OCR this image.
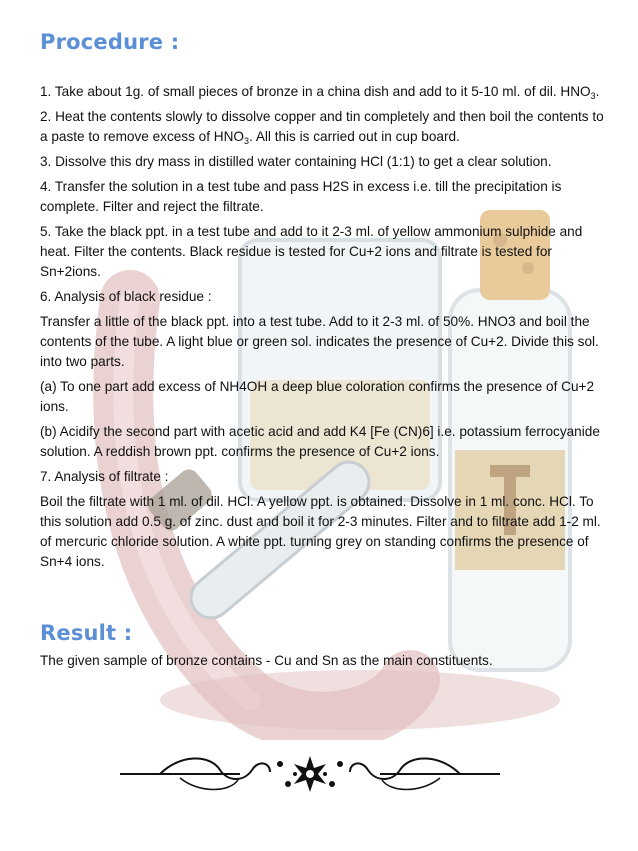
Procedure :

1. Take about 1g. of small pieces of bronze in a china dish and add to it 5-10 ml. of dil. $HNO_3$.

2. Heat the contents slowly to dissolve copper and tin completely and then boil the contents to a paste to remove excess of $HNO_3$. All this is carried out in cup board.

3. Dissolve this dry mass in distilled water containing HCl (1:1) to get a clear solution.

4. Transfer the solution in a test tube and pass H2S in excess i.e. till the precipitation is complete. Filter and reject the filtrate.

5. Take the black ppt. in a test tube and add to it 2-3 ml. of yellow ammonium sulphide and heat. Filter the contents. Black residue is tested for Cu+2 ions and filtrate is tested for Sn+2ions.

6. Analysis of black residue :

Transfer a little of the black ppt. into a test tube. Add to it 2-3 ml. of 50%. HNO3 and boil the contents of the tube. A light blue or green sol. indicates the presence of Cu+2. Divide this sol. into two parts.

(a) To one part add excess of NH4OH a deep blue coloration confirms the presence of Cu+2 ions.

(b) Acidify the second part with acetic acid and add K4 [Fe (CN)6] i.e. potassium ferrocyanide solution. A reddish brown ppt. confirms the presence of Cu+2 ions.

7. Analysis of filtrate :

Boil the filtrate with 1 ml. of dil. HCl. A yellow ppt. is obtained. Dissolve in 1 ml. conc. HCl. To this solution add 0.5 g. of zinc. dust and boil it for 2-3 minutes. Filter and to filtrate add 1-2 ml. of mercuric chloride solution. A white ppt. turning grey on standing confirms the presence of Sn+4 ions.

Result :

The given sample of bronze contains - Cu and Sn as the main constituents.
